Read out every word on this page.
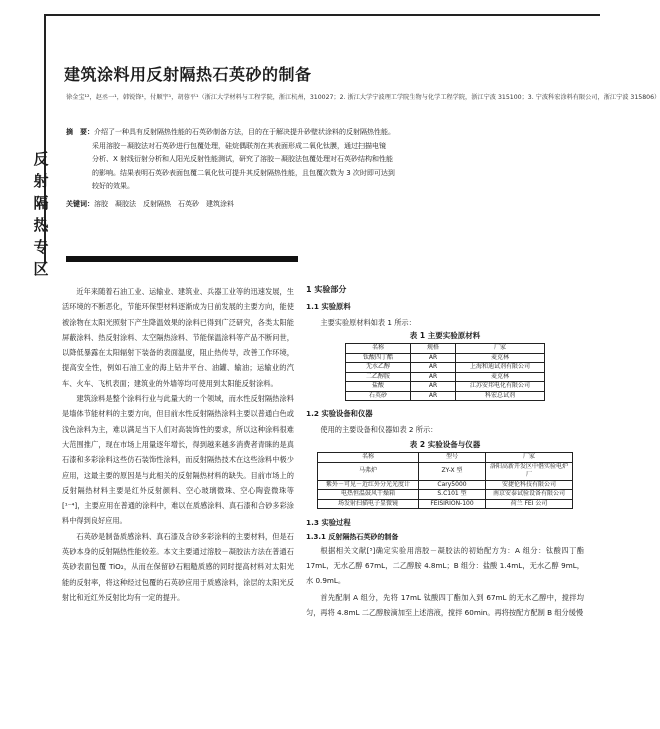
反
射
隔
热
专
区
建筑涂料用反射隔热石英砂的制备
徐金宝¹²，赵丞一¹，韩锐锋¹，付顺宇¹，胡蓉平¹（浙江大学材料与工程学院，浙江杭州，310027；2. 浙江大学宁波理工学院生物与化学工程学院，浙江宁波 315100；3. 宁波科宏涂料有限公司，浙江宁波 315806）
摘　要：介绍了一种具有反射隔热性能的石英砂制备方法，目的在于解决提升砂壁状涂料的反射隔热性能。
采用溶胶－凝胶法对石英砂进行包覆处理，硅烷偶联剂在其表面形成二氧化钛膜，通过扫描电镜
分析、X 射线衍射分析和人阳光反射性能测试，研究了溶胶－凝胶法包覆处理对石英砂结构和性能
的影响。结果表明石英砂表面包覆二氧化钛可提升其反射隔热性能，且包覆次数为 3 次时即可达到
较好的效果。
关键词：溶胶　凝胶法　反射隔热　石英砂　建筑涂料

近年来随着石油工业、运输业、建筑业、兵器工业等的迅速发展，生活环境的不断恶化，节能环保型材料逐渐成为日前发展的主要方向，能使被涂物在太阳光照射下产生降温效果的涂料已得到广泛研究，各类太阳能屏蔽涂料、热反射涂料、太空隔热涂料、节能保温涂料等产品不断问世，以降低暴露在太阳辐射下装备的表面温度，阻止热传导，改善工作环境，提高安全性，例如石油工业的海上钻井平台、油罐、输油；运输业的汽车、火车、飞机表面；建筑业的外墙等均可使用到太阳能反射涂料。

建筑涂料是整个涂料行业与此量大的一个领域，而水性反射隔热涂料是墙体节能材料的主要方向，但目前水性反射隔热涂料主要以普通白色或浅色涂料为主，难以满足当下人们对高装饰性的要求，所以这种涂料很难大范围推广，现在市场上用量逐年增长，得到越来越多消费者青睐的是真石漆和多彩涂料这些仿石装饰性涂料，而反射隔热技术在这些涂料中极少应用，这最主要的原因是与此相关的反射隔热材料的缺失。目前市场上的反射隔热材料主要是红外反射颜料、空心玻璃微珠、空心陶瓷微珠等[¹⁻⁴]，主要应用在普通的涂料中，难以在质感涂料、真石漆和合砂多彩涂料中得到良好应用。

石英砂是制备质感涂料、真石漆及含砂多彩涂料的主要材料，但是石英砂本身的反射隔热性能较差。本文主要通过溶胶－凝胶法方法在普通石英砂表面包覆 TiO₂，从而在保留砂石粗糙质感的同时提高材料对太阳光能的反射率，将这种经过包覆的石英砂应用于质感涂料，涂层的太阳光反射比和近红外反射比均有一定的提升。

1 实验部分
1.1 实验原料
主要实验原材料如表 1 所示：
表 1 主要实验原材料
名称	规格	厂家
钛酸四丁酯	AR	麦克林
无水乙醇	AR	上海和迪试剂有限公司
二乙醇胺	AR	麦克林
盐酸	AR	江苏安邦电化有限公司
石英砂	AR	科宏总试剂
1.2 实验设备和仪器
使用的主要设备和仪器如表 2 所示：
表 2 实验设备与仪器
名称	型号	厂家
马弗炉	ZY-X 型	洛阳高新开发区中偕实验电炉厂
紫外－可见－近红外分光光度计	Cary5000	安捷伦科技有限公司
电热恒温鼓风干燥箱	S.C101 型	南京安泰试验设备有限公司
场发射扫描电子显微镜	FEISIRION-100	荷兰 FEI 公司
1.3 实验过程
1.3.1 反射隔热石英砂的制备
根据相关文献[⁵]确定实验用溶胶－凝胶法的初始配方为：A 组分：钛酸四丁酯 17mL，无水乙醇 67mL，二乙醇胺 4.8mL；B 组分：盐酸 1.4mL，无水乙醇 9mL，水 0.9mL。
首先配制 A 组分，先将 17mL 钛酸四丁酯加入到 67mL 的无水乙醇中，搅拌均匀，再将 4.8mL 二乙醇胺滴加至上述溶液，搅拌 60min。再将按配方配制 B 组分缓慢
